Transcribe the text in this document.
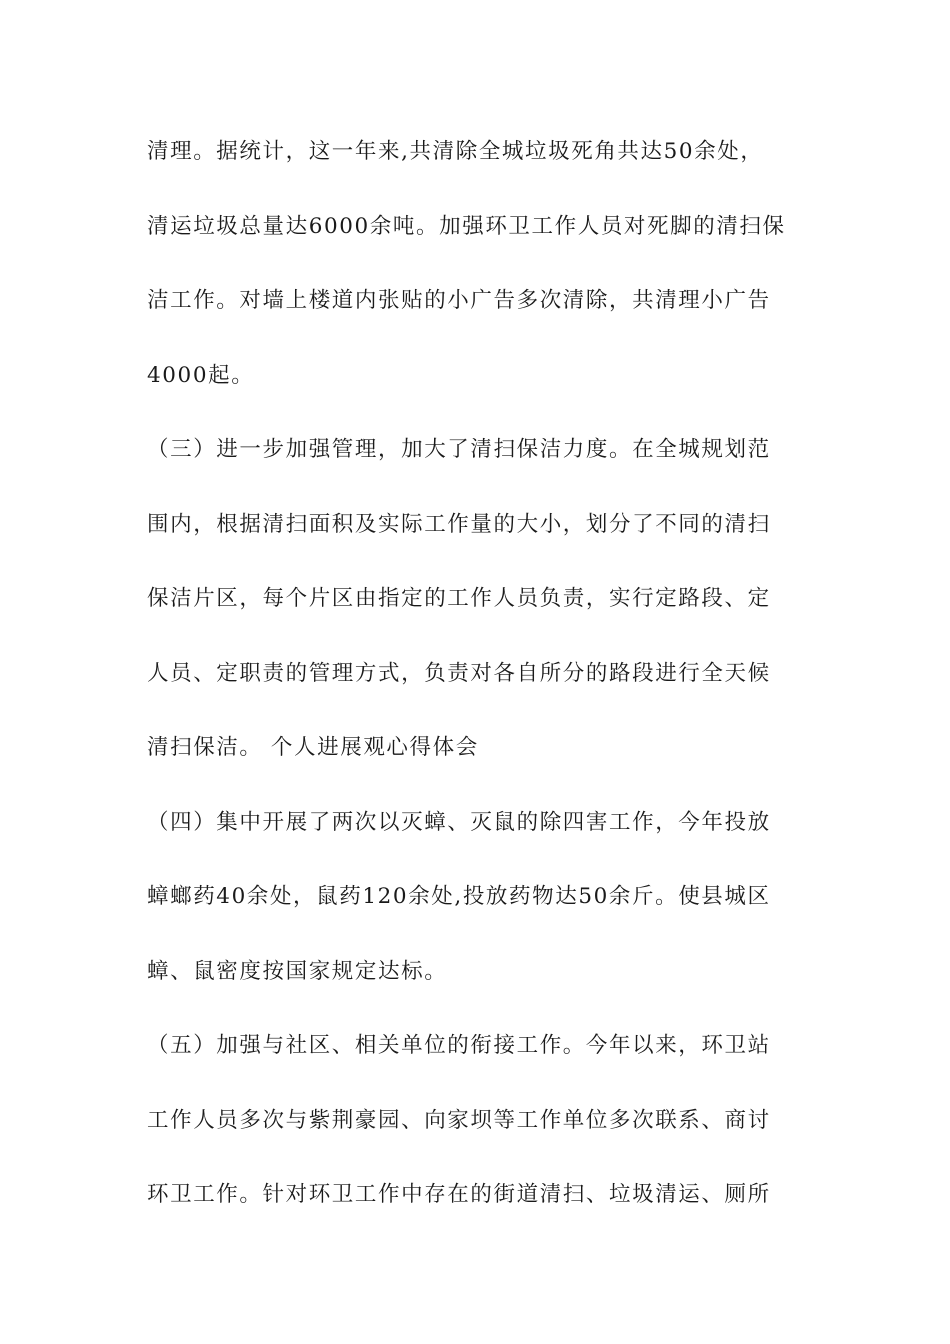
清理。据统计，这一年来,共清除全城垃圾死角共达50余处，
清运垃圾总量达6000余吨。加强环卫工作人员对死脚的清扫保
洁工作。对墙上楼道内张贴的小广告多次清除，共清理小广告
4000起。
（三）进一步加强管理，加大了清扫保洁力度。在全城规划范
围内，根据清扫面积及实际工作量的大小，划分了不同的清扫
保洁片区，每个片区由指定的工作人员负责，实行定路段、定
人员、定职责的管理方式，负责对各自所分的路段进行全天候
清扫保洁。 个人进展观心得体会
（四）集中开展了两次以灭蟑、灭鼠的除四害工作，今年投放
蟑螂药40余处，鼠药120余处,投放药物达50余斤。使县城区
蟑、鼠密度按国家规定达标。
（五）加强与社区、相关单位的衔接工作。今年以来，环卫站
工作人员多次与紫荆豪园、向家坝等工作单位多次联系、商讨
环卫工作。针对环卫工作中存在的街道清扫、垃圾清运、厕所
